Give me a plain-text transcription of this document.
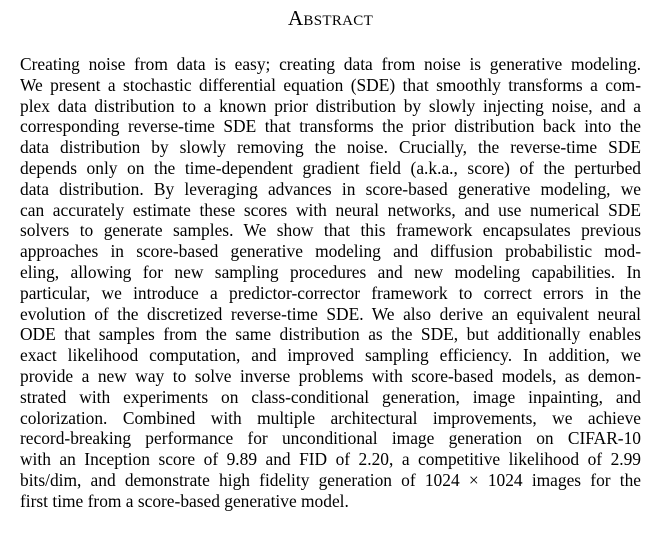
Abstract
Creating noise from data is easy; creating data from noise is generative modeling.
We present a stochastic differential equation (SDE) that smoothly transforms a com-
plex data distribution to a known prior distribution by slowly injecting noise, and a
corresponding reverse-time SDE that transforms the prior distribution back into the
data distribution by slowly removing the noise. Crucially, the reverse-time SDE
depends only on the time-dependent gradient field (a.k.a., score) of the perturbed
data distribution. By leveraging advances in score-based generative modeling, we
can accurately estimate these scores with neural networks, and use numerical SDE
solvers to generate samples. We show that this framework encapsulates previous
approaches in score-based generative modeling and diffusion probabilistic mod-
eling, allowing for new sampling procedures and new modeling capabilities. In
particular, we introduce a predictor-corrector framework to correct errors in the
evolution of the discretized reverse-time SDE. We also derive an equivalent neural
ODE that samples from the same distribution as the SDE, but additionally enables
exact likelihood computation, and improved sampling efficiency. In addition, we
provide a new way to solve inverse problems with score-based models, as demon-
strated with experiments on class-conditional generation, image inpainting, and
colorization. Combined with multiple architectural improvements, we achieve
record-breaking performance for unconditional image generation on CIFAR-10
with an Inception score of 9.89 and FID of 2.20, a competitive likelihood of 2.99
bits/dim, and demonstrate high fidelity generation of 1024 × 1024 images for the
first time from a score-based generative model.
